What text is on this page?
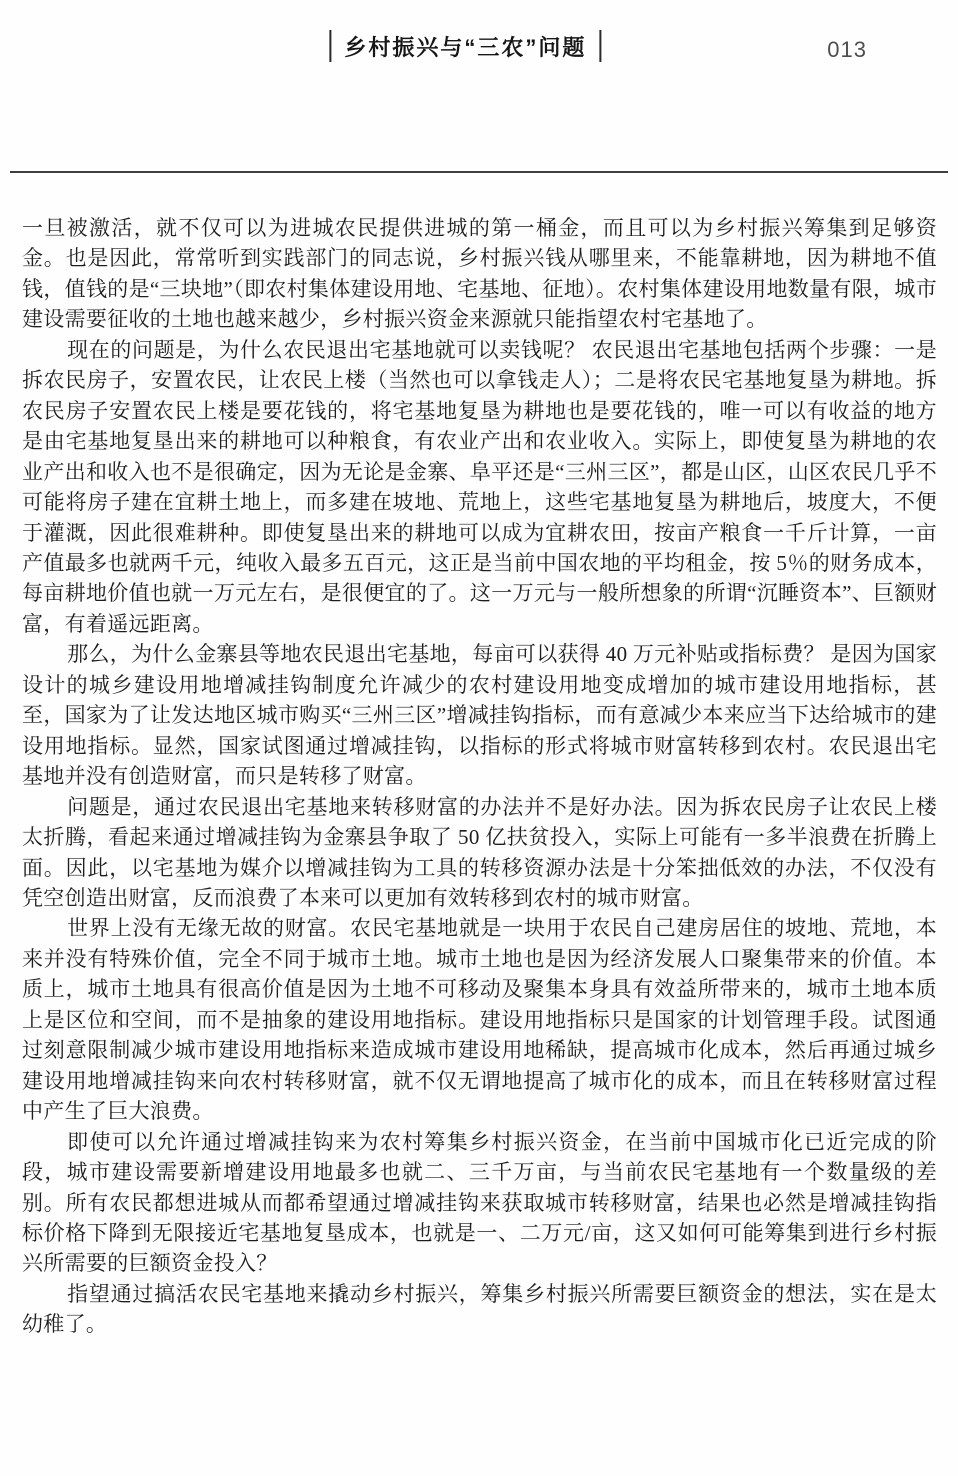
乡村振兴与“三农”问题	013

一旦被激活，就不仅可以为进城农民提供进城的第一桶金，而且可以为乡村振兴筹集到足够资金。也是因此，常常听到实践部门的同志说，乡村振兴钱从哪里来，不能靠耕地，因为耕地不值钱，值钱的是“三块地”（即农村集体建设用地、宅基地、征地）。农村集体建设用地数量有限，城市建设需要征收的土地也越来越少，乡村振兴资金来源就只能指望农村宅基地了。

现在的问题是，为什么农民退出宅基地就可以卖钱呢？ 农民退出宅基地包括两个步骤：一是拆农民房子，安置农民，让农民上楼（当然也可以拿钱走人）；二是将农民宅基地复垦为耕地。拆农民房子安置农民上楼是要花钱的，将宅基地复垦为耕地也是要花钱的，唯一可以有收益的地方是由宅基地复垦出来的耕地可以种粮食，有农业产出和农业收入。实际上，即使复垦为耕地的农业产出和收入也不是很确定，因为无论是金寨、阜平还是“三州三区”，都是山区，山区农民几乎不可能将房子建在宜耕土地上，而多建在坡地、荒地上，这些宅基地复垦为耕地后，坡度大，不便于灌溉，因此很难耕种。即使复垦出来的耕地可以成为宜耕农田，按亩产粮食一千斤计算，一亩产值最多也就两千元，纯收入最多五百元，这正是当前中国农地的平均租金，按 5％的财务成本，每亩耕地价值也就一万元左右，是很便宜的了。这一万元与一般所想象的所谓“沉睡资本”、巨额财富，有着遥远距离。

那么，为什么金寨县等地农民退出宅基地，每亩可以获得 40 万元补贴或指标费？ 是因为国家设计的城乡建设用地增减挂钩制度允许减少的农村建设用地变成增加的城市建设用地指标，甚至，国家为了让发达地区城市购买“三州三区”增减挂钩指标，而有意减少本来应当下达给城市的建设用地指标。显然，国家试图通过增减挂钩，以指标的形式将城市财富转移到农村。农民退出宅基地并没有创造财富，而只是转移了财富。

问题是，通过农民退出宅基地来转移财富的办法并不是好办法。因为拆农民房子让农民上楼太折腾，看起来通过增减挂钩为金寨县争取了 50 亿扶贫投入，实际上可能有一多半浪费在折腾上面。因此，以宅基地为媒介以增减挂钩为工具的转移资源办法是十分笨拙低效的办法，不仅没有凭空创造出财富，反而浪费了本来可以更加有效转移到农村的城市财富。

世界上没有无缘无故的财富。农民宅基地就是一块用于农民自己建房居住的坡地、荒地，本来并没有特殊价值，完全不同于城市土地。城市土地也是因为经济发展人口聚集带来的价值。本质上，城市土地具有很高价值是因为土地不可移动及聚集本身具有效益所带来的，城市土地本质上是区位和空间，而不是抽象的建设用地指标。建设用地指标只是国家的计划管理手段。试图通过刻意限制减少城市建设用地指标来造成城市建设用地稀缺，提高城市化成本，然后再通过城乡建设用地增减挂钩来向农村转移财富，就不仅无谓地提高了城市化的成本，而且在转移财富过程中产生了巨大浪费。

即使可以允许通过增减挂钩来为农村筹集乡村振兴资金，在当前中国城市化已近完成的阶段，城市建设需要新增建设用地最多也就二、三千万亩，与当前农民宅基地有一个数量级的差别。所有农民都想进城从而都希望通过增减挂钩来获取城市转移财富，结果也必然是增减挂钩指标价格下降到无限接近宅基地复垦成本，也就是一、二万元/亩，这又如何可能筹集到进行乡村振兴所需要的巨额资金投入？

指望通过搞活农民宅基地来撬动乡村振兴，筹集乡村振兴所需要巨额资金的想法，实在是太幼稚了。
